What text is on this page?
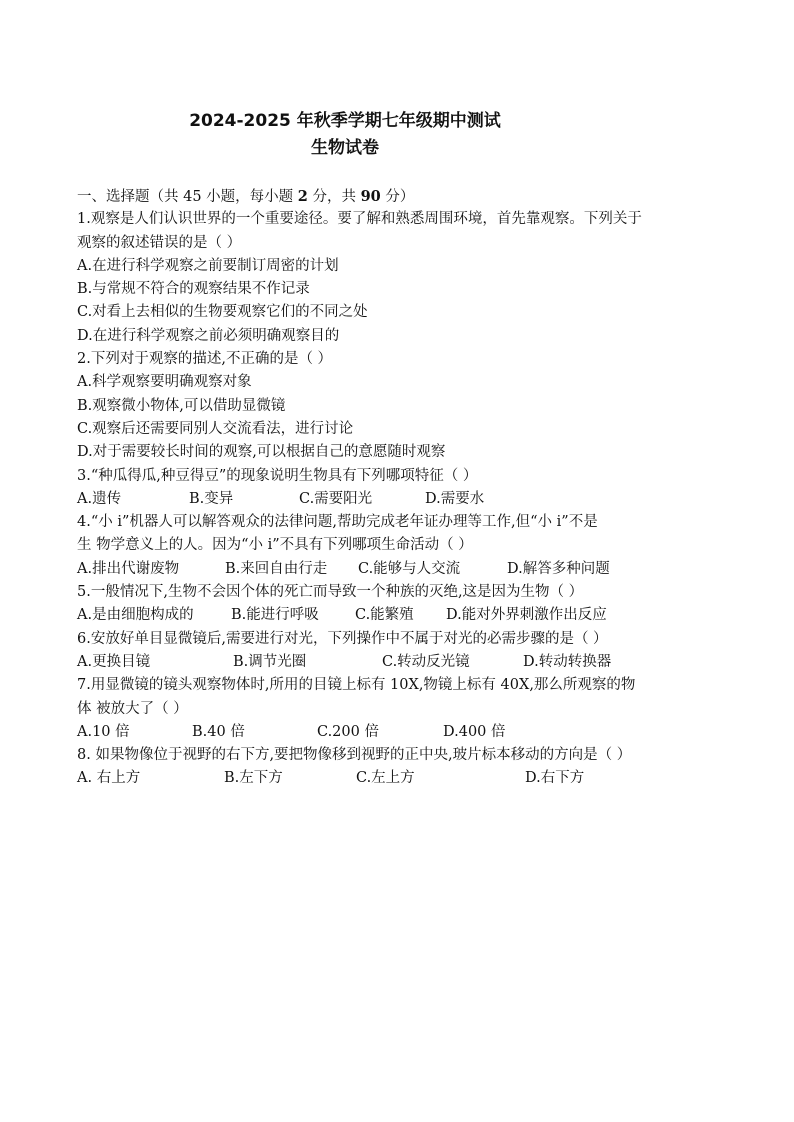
2024-2025 年秋季学期七年级期中测试
生物试卷
一、选择题（共 45 小题，每小题 2 分，共 90 分）
1.观察是人们认识世界的一个重要途径。要了解和熟悉周围环境，首先靠观察。下列关于
观察的叙述错误的是（ ）
A.在进行科学观察之前要制订周密的计划
B.与常规不符合的观察结果不作记录
C.对看上去相似的生物要观察它们的不同之处
D.在进行科学观察之前必须明确观察目的
2.下列对于观察的描述,不正确的是（ ）
A.科学观察要明确观察对象
B.观察微小物体,可以借助显微镜
C.观察后还需要同别人交流看法，进行讨论
D.对于需要较长时间的观察,可以根据自己的意愿随时观察
3.“种瓜得瓜,种豆得豆”的现象说明生物具有下列哪项特征（ ）
A.遗传	B.变异	C.需要阳光	D.需要水
4.“小 i”机器人可以解答观众的法律问题,帮助完成老年证办理等工作,但“小 i”不是
生 物学意义上的人。因为“小 i”不具有下列哪项生命活动（ ）
A.排出代谢废物	B.来回自由行走 C.能够与人交流	D.解答多种问题
5.一般情况下,生物不会因个体的死亡而导致一个种族的灭绝,这是因为生物（ ）
A.是由细胞构成的	B.能进行呼吸 C.能繁殖 D.能对外界刺激作出反应
6.安放好单目显微镜后,需要进行对光，下列操作中不属于对光的必需步骤的是（ ）
A.更换目镜	B.调节光圈	C.转动反光镜	D.转动转换器
7.用显微镜的镜头观察物体时,所用的目镜上标有 10X,物镜上标有 40X,那么所观察的物
体 被放大了（ ）
A.10 倍	B.40 倍	C.200 倍	D.400 倍
8. 如果物像位于视野的右下方,要把物像移到视野的正中央,玻片标本移动的方向是（ ）
A. 右上方	B.左下方	C.左上方	D.右下方
